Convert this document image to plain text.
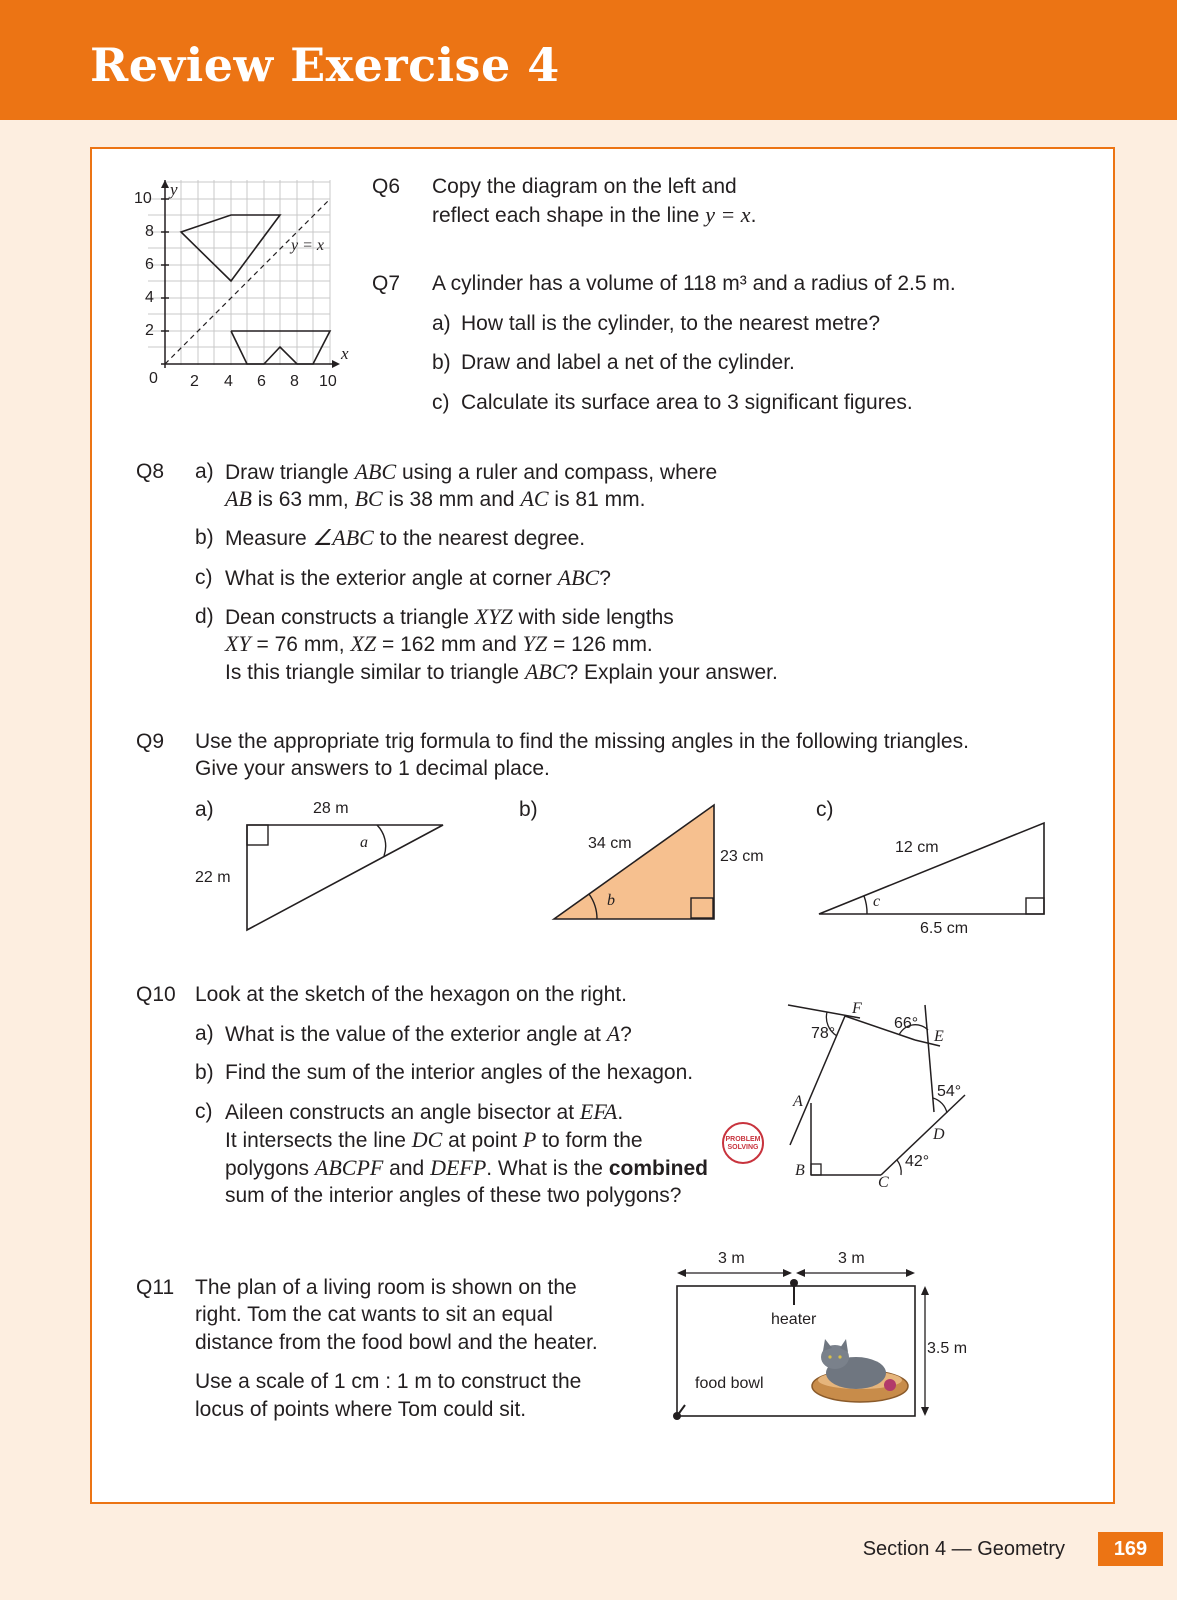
Review Exercise 4
y
x
y = x
0
10
8
6
4
2
2 4 6 8 10
Q6 Copy the diagram on the left and
reflect each shape in the line y = x.
Q7 A cylinder has a volume of 118 m³ and a radius of 2.5 m.
a) How tall is the cylinder, to the nearest metre?
b) Draw and label a net of the cylinder.
c) Calculate its surface area to 3 significant figures.
Q8 a) Draw triangle ABC using a ruler and compass, where
AB is 63 mm, BC is 38 mm and AC is 81 mm.
b) Measure ∠ABC to the nearest degree.
c) What is the exterior angle at corner ABC?
d) Dean constructs a triangle XYZ with side lengths
XY = 76 mm, XZ = 162 mm and YZ = 126 mm.
Is this triangle similar to triangle ABC? Explain your answer.
Q9 Use the appropriate trig formula to find the missing angles in the following triangles.
Give your answers to 1 decimal place.
a)	28 m
22 m
a
b)
34 cm
23 cm
b
c)
12 cm
6.5 cm
c
Q10 Look at the sketch of the hexagon on the right.
a) What is the value of the exterior angle at A?
b) Find the sum of the interior angles of the hexagon.
c) Aileen constructs an angle bisector at EFA.
It intersects the line DC at point P to form the
polygons ABCPF and DEFP. What is the combined
sum of the interior angles of these two polygons?
PROBLEM
SOLVING
F
E
A
D
B
C
78°
66°
54°
42°
Q11 The plan of a living room is shown on the
right. Tom the cat wants to sit an equal
distance from the food bowl and the heater.
Use a scale of 1 cm : 1 m to construct the
locus of points where Tom could sit.
3 m	3 m
3.5 m
heater
food bowl
Section 4 — Geometry	169
